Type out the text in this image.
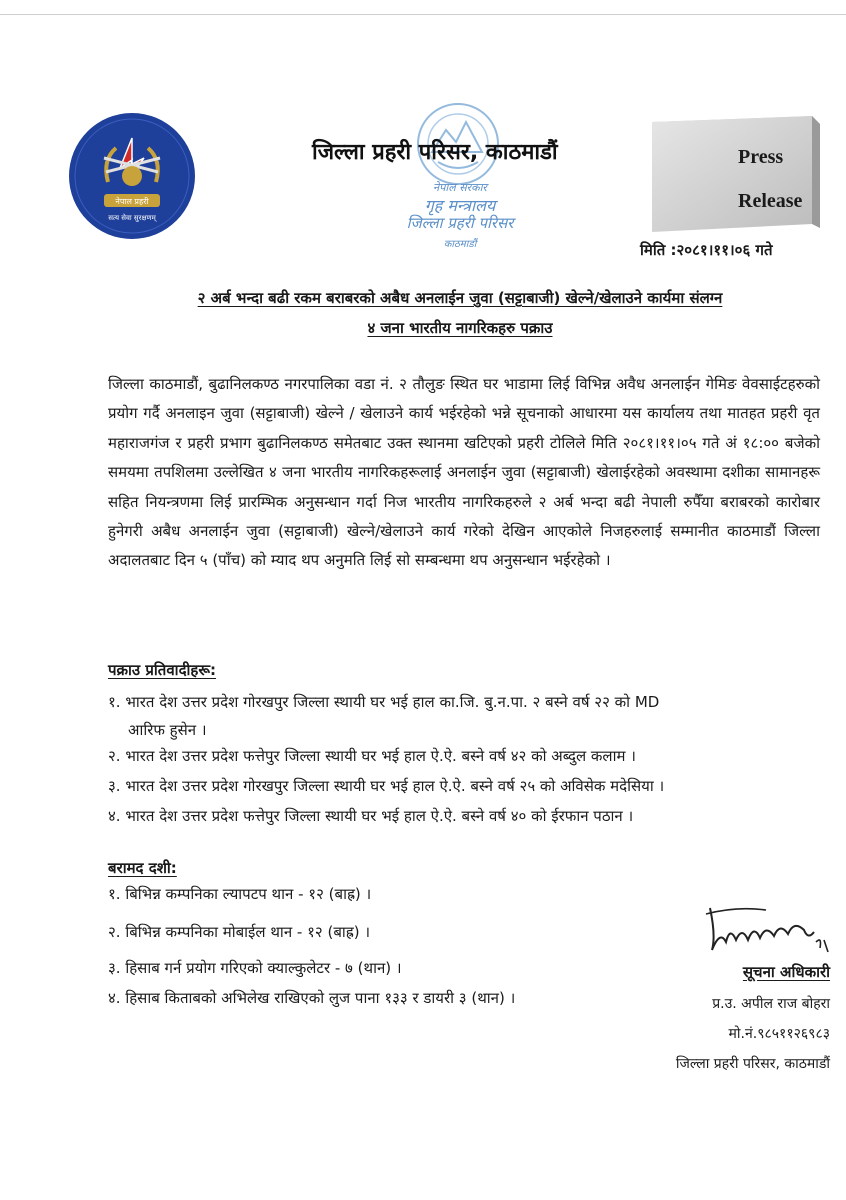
नेपाल प्रहरी
सत्य सेवा सुरक्षणम्
नेपाल सरकार
गृह मन्त्रालय
जिल्ला प्रहरी परिसर
काठमाडौं
जिल्ला प्रहरी परिसर, काठमाडौं	Press
Release
मिति :२०८१।११।०६ गते
२ अर्ब भन्दा बढी रकम बराबरको अबैध अनलाईन जुवा (सट्टाबाजी) खेल्ने/खेलाउने कार्यमा संलग्न
४ जना भारतीय नागरिकहरु पक्राउ
जिल्ला काठमाडौं, बुढानिलकण्ठ नगरपालिका वडा नं. २ तौलुङ स्थित घर भाडामा लिई विभिन्न अवैध अनलाईन गेमिङ वेवसाईटहरुको प्रयोग गर्दै अनलाइन जुवा (सट्टाबाजी) खेल्ने / खेलाउने कार्य भईरहेको भन्ने सूचनाको आधारमा यस कार्यालय तथा मातहत प्रहरी वृत महाराजगंज र प्रहरी प्रभाग बुढानिलकण्ठ समेतबाट उक्त स्थानमा खटिएको प्रहरी टोलिले मिति २०८१।११।०५ गते अं १८:०० बजेको समयमा तपशिलमा उल्लेखित ४ जना भारतीय नागरिकहरूलाई अनलाईन जुवा (सट्टाबाजी) खेलाईरहेको अवस्थामा दशीका सामानहरू सहित नियन्त्रणमा लिई प्रारम्भिक अनुसन्धान गर्दा निज भारतीय नागरिकहरुले २ अर्ब भन्दा बढी नेपाली रुपैँया बराबरको कारोबार हुनेगरी अबैध अनलाईन जुवा (सट्टाबाजी) खेल्ने/खेलाउने कार्य गरेको देखिन आएकोले निजहरुलाई सम्मानीत काठमाडौं जिल्ला अदालतबाट दिन ५ (पाँच) को म्याद थप अनुमति लिई सो सम्बन्धमा थप अनुसन्धान भईरहेको ।
पक्राउ प्रतिवादीहरू:
१. भारत देश उत्तर प्रदेश गोरखपुर जिल्ला स्थायी घर भई हाल का.जि. बु.न.पा. २ बस्ने वर्ष २२ को MD
आरिफ हुसेन ।
२. भारत देश उत्तर प्रदेश फत्तेपुर जिल्ला स्थायी घर भई हाल ऐ.ऐ. बस्ने वर्ष ४२ को अब्दुल कलाम ।
३. भारत देश उत्तर प्रदेश गोरखपुर जिल्ला स्थायी घर भई हाल ऐ.ऐ. बस्ने वर्ष २५ को अविसेक मदेसिया ।
४. भारत देश उत्तर प्रदेश फत्तेपुर जिल्ला स्थायी घर भई हाल ऐ.ऐ. बस्ने वर्ष ४० को ईरफान पठान ।
बरामद दशी:
१. बिभिन्न कम्पनिका ल्यापटप थान - १२ (बाह्र) ।
२. बिभिन्न कम्पनिका मोबाईल थान - १२ (बाह्र) ।
३. हिसाब गर्न प्रयोग गरिएको क्याल्कुलेटर - ७ (थान) ।
४. हिसाब किताबको अभिलेख राखिएको लुज पाना १३३ र डायरी ३ (थान) ।
सूचना अधिकारी
प्र.उ. अपील राज बोहरा
मो.नं.९८५११२६९८३
जिल्ला प्रहरी परिसर, काठमाडौं
